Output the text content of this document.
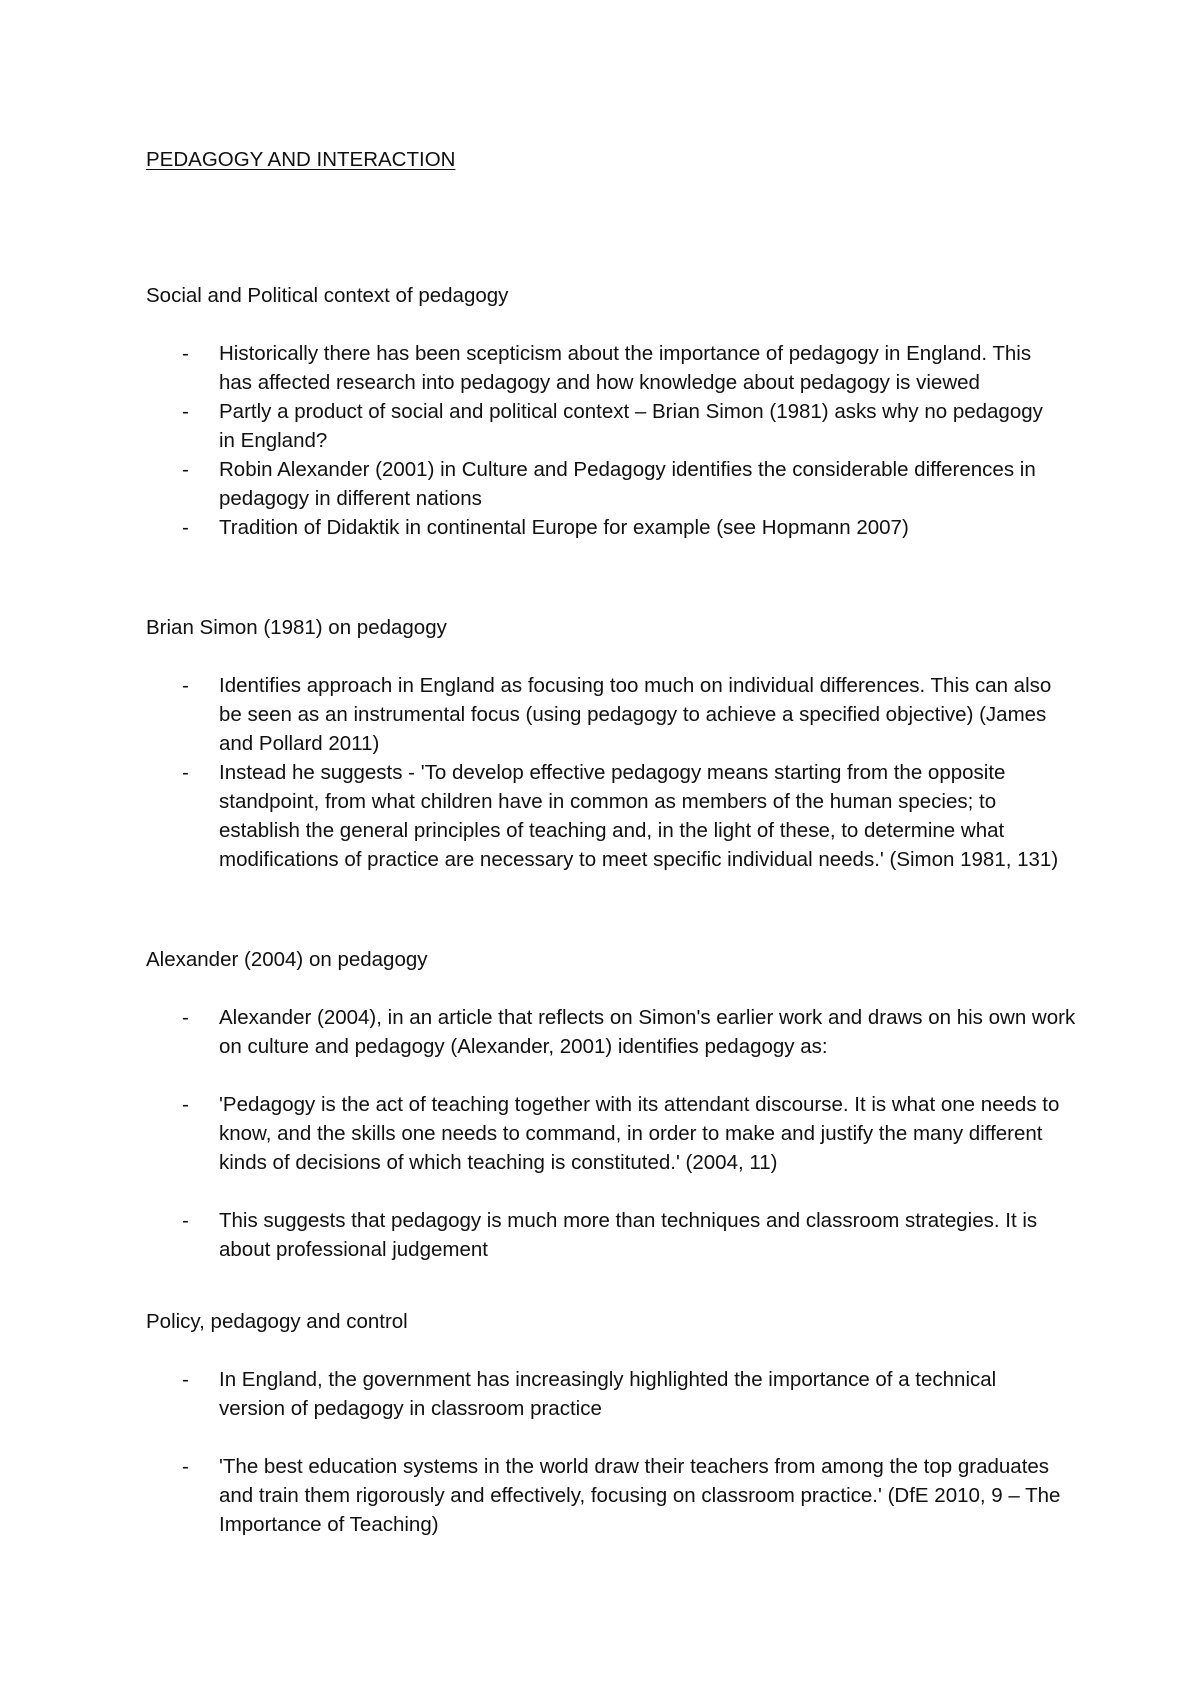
PEDAGOGY AND INTERACTION
Social and Political context of pedagogy
- Historically there has been scepticism about the importance of pedagogy in England. This has affected research into pedagogy and how knowledge about pedagogy is viewed
- Partly a product of social and political context – Brian Simon (1981) asks why no pedagogy in England?
- Robin Alexander (2001) in Culture and Pedagogy identifies the considerable differences in pedagogy in different nations
- Tradition of Didaktik in continental Europe for example (see Hopmann 2007)
Brian Simon (1981) on pedagogy
- Identifies approach in England as focusing too much on individual differences. This can also be seen as an instrumental focus (using pedagogy to achieve a specified objective) (James and Pollard 2011)
- Instead he suggests - 'To develop effective pedagogy means starting from the opposite standpoint, from what children have in common as members of the human species; to establish the general principles of teaching and, in the light of these, to determine what modifications of practice are necessary to meet specific individual needs.' (Simon 1981, 131)
Alexander (2004) on pedagogy
- Alexander (2004), in an article that reflects on Simon's earlier work and draws on his own work on culture and pedagogy (Alexander, 2001) identifies pedagogy as:
- 'Pedagogy is the act of teaching together with its attendant discourse. It is what one needs to know, and the skills one needs to command, in order to make and justify the many different kinds of decisions of which teaching is constituted.' (2004, 11)
- This suggests that pedagogy is much more than techniques and classroom strategies. It is about professional judgement
Policy, pedagogy and control
- In England, the government has increasingly highlighted the importance of a technical version of pedagogy in classroom practice
- 'The best education systems in the world draw their teachers from among the top graduates and train them rigorously and effectively, focusing on classroom practice.' (DfE 2010, 9 – The Importance of Teaching)
